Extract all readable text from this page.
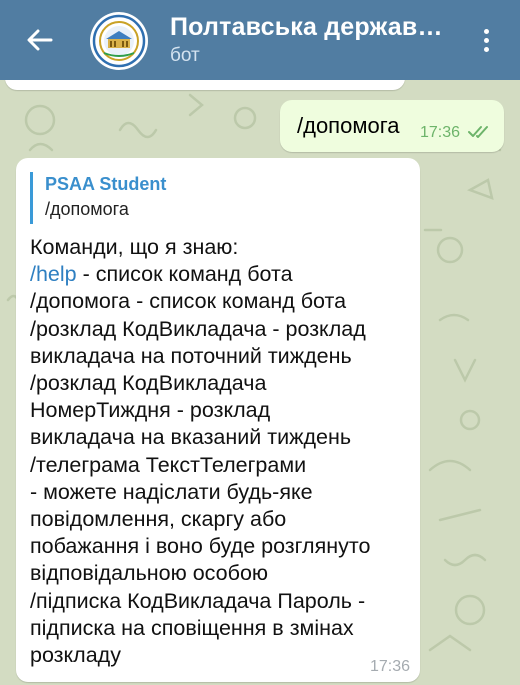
Полтавська держав…
бот
/допомога 17:36
PSAA Student
/допомога
Команди, що я знаю:
/help - список команд бота
/допомога - список команд бота
/розклад КодВикладача - розклад
викладача на поточний тиждень
/розклад КодВикладача
НомерТиждня - розклад
викладача на вказаний тиждень
/телеграма ТекстТелеграми
- можете надіслати будь-яке
повідомлення, скаргу або
побажання і воно буде розглянуто
відповідальною особою
/підписка КодВикладача Пароль -
підписка на сповіщення в змінах
розкладу	17:36
